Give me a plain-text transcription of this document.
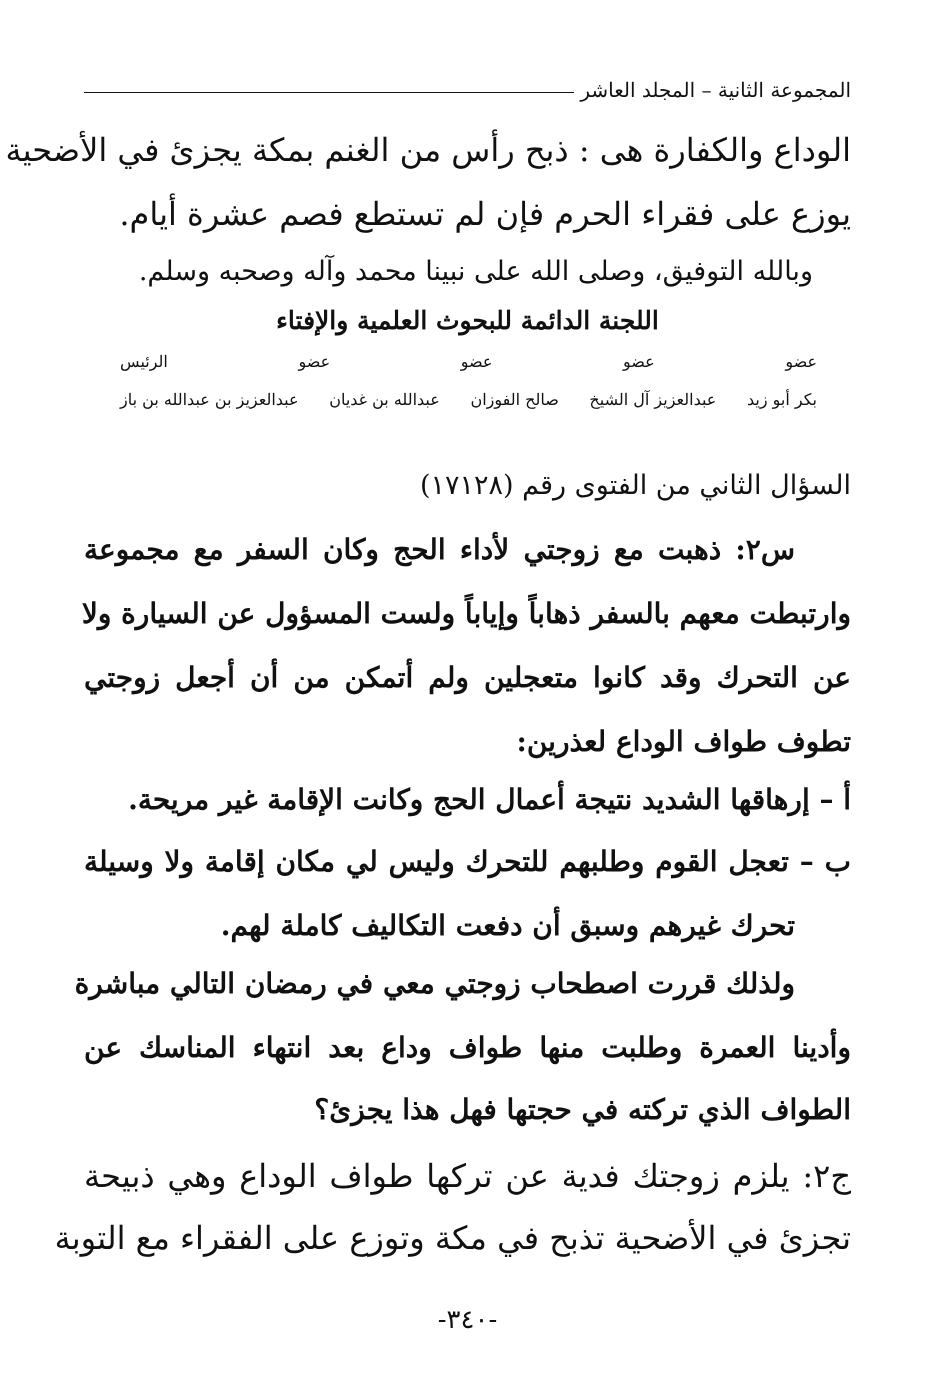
المجموعة الثانية – المجلد العاشر
الوداع والكفارة هى : ذبح رأس من الغنم بمكة يجزئ في الأضحية
يوزع على فقراء الحرم فإن لم تستطع فصم عشرة أيام.
وبالله التوفيق، وصلى الله على نبينا محمد وآله وصحبه وسلم.
اللجنة الدائمة للبحوث العلمية والإفتاء
عضو
عضو
عضو
عضو
الرئيس
بكر أبو زيد
عبدالعزيز آل الشيخ
صالح الفوزان
عبدالله بن غديان
عبدالعزيز بن عبدالله بن باز
السؤال الثاني من الفتوى رقم (١٧١٢٨)
س٢: ذهبت مع زوجتي لأداء الحج وكان السفر مع مجموعة
وارتبطت معهم بالسفر ذهاباً وإياباً ولست المسؤول عن السيارة ولا
عن التحرك وقد كانوا متعجلين ولم أتمكن من أن أجعل زوجتي
تطوف طواف الوداع لعذرين:
أ – إرهاقها الشديد نتيجة أعمال الحج وكانت الإقامة غير مريحة.
ب – تعجل القوم وطلبهم للتحرك وليس لي مكان إقامة ولا وسيلة
تحرك غيرهم وسبق أن دفعت التكاليف كاملة لهم.
ولذلك قررت اصطحاب زوجتي معي في رمضان التالي مباشرة
وأدينا العمرة وطلبت منها طواف وداع بعد انتهاء المناسك عن
الطواف الذي تركته في حجتها فهل هذا يجزئ؟
ج٢: يلزم زوجتك فدية عن تركها طواف الوداع وهي ذبيحة
تجزئ في الأضحية تذبح في مكة وتوزع على الفقراء مع التوبة
-٣٤٠-
